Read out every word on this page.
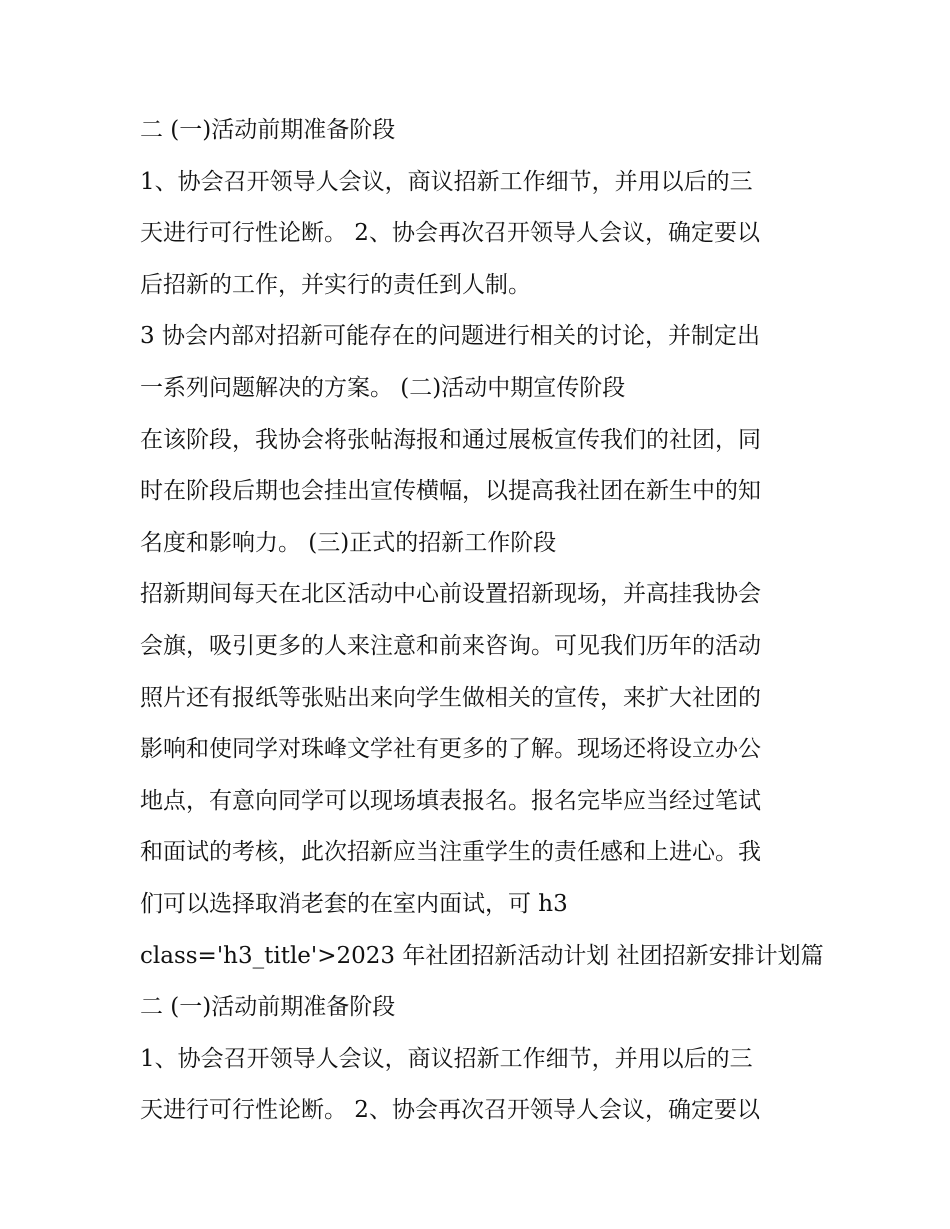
二 (一)活动前期准备阶段
1、协会召开领导人会议，商议招新工作细节，并用以后的三
天进行可行性论断。 2、协会再次召开领导人会议，确定要以
后招新的工作，并实行的责任到人制。
3 协会内部对招新可能存在的问题进行相关的讨论，并制定出
一系列问题解决的方案。 (二)活动中期宣传阶段
在该阶段，我协会将张帖海报和通过展板宣传我们的社团，同
时在阶段后期也会挂出宣传横幅，以提高我社团在新生中的知
名度和影响力。 (三)正式的招新工作阶段
招新期间每天在北区活动中心前设置招新现场，并高挂我协会
会旗，吸引更多的人来注意和前来咨询。可见我们历年的活动
照片还有报纸等张贴出来向学生做相关的宣传，来扩大社团的
影响和使同学对珠峰文学社有更多的了解。现场还将设立办公
地点，有意向同学可以现场填表报名。报名完毕应当经过笔试
和面试的考核，此次招新应当注重学生的责任感和上进心。我
们可以选择取消老套的在室内面试，可 h3
class='h3_title'>2023 年社团招新活动计划 社团招新安排计划篇
二 (一)活动前期准备阶段
1、协会召开领导人会议，商议招新工作细节，并用以后的三
天进行可行性论断。 2、协会再次召开领导人会议，确定要以
